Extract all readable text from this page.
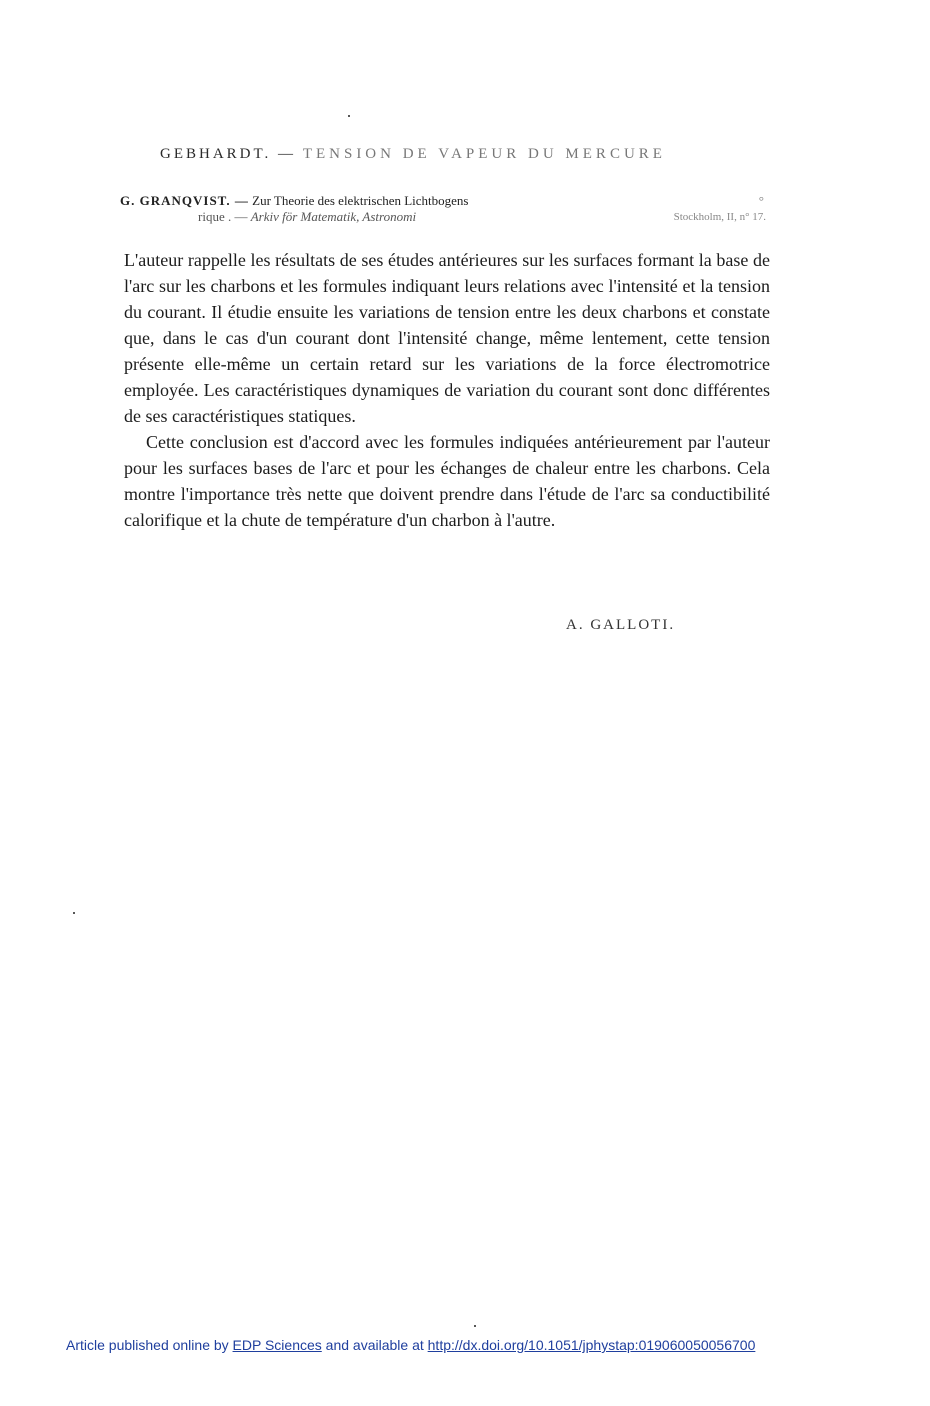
GEBHARDT. — TENSION DE VAPEUR DU MERCURE
G. GRANQVIST. — Zur Theorie des elektrischen Lichtbogens
rique . — Arkiv för Matematik, Astronomi
°
Stockholm, II, n° 17.

L'auteur rappelle les résultats de ses études antérieures sur les surfaces formant la base de l'arc sur les charbons et les formules indiquant leurs relations avec l'intensité et la tension du courant. Il étudie ensuite les variations de tension entre les deux charbons et constate que, dans le cas d'un courant dont l'intensité change, même lentement, cette tension présente elle-même un certain retard sur les variations de la force électromotrice employée. Les caractéristiques dynamiques de variation du courant sont donc différentes de ses caractéristiques statiques.

Cette conclusion est d'accord avec les formules indiquées antérieurement par l'auteur pour les surfaces bases de l'arc et pour les échanges de chaleur entre les charbons. Cela montre l'importance très nette que doivent prendre dans l'étude de l'arc sa conductibilité calorifique et la chute de température d'un charbon à l'autre.

A. GALLOTI.
Article published online by EDP Sciences and available at http://dx.doi.org/10.1051/jphystap:019060050056700
